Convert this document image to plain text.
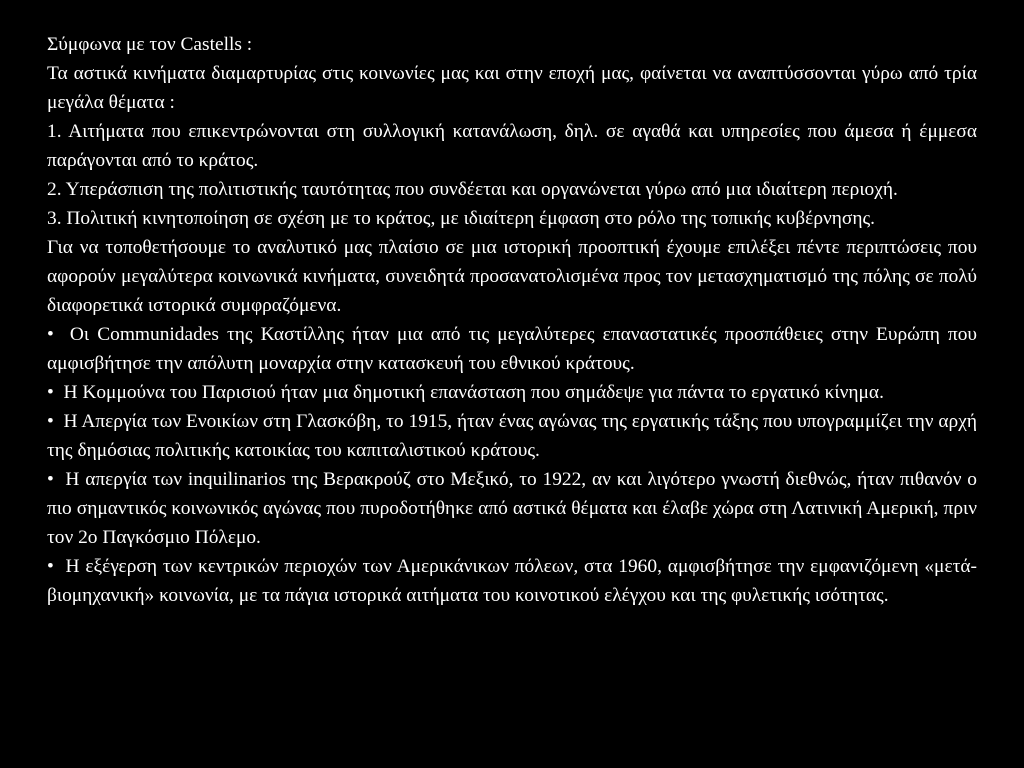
Σύμφωνα με τον Castells :

Τα αστικά κινήματα διαμαρτυρίας στις κοινωνίες μας και στην εποχή μας, φαίνεται να αναπτύσσονται γύρω από τρία μεγάλα θέματα :

1. Αιτήματα που επικεντρώνονται στη συλλογική κατανάλωση, δηλ. σε αγαθά και υπηρεσίες που άμεσα ή έμμεσα παράγονται από το κράτος.

2. Υπεράσπιση της πολιτιστικής ταυτότητας που συνδέεται και οργανώνεται γύρω από μια ιδιαίτερη περιοχή.

3. Πολιτική κινητοποίηση σε σχέση με το κράτος, με ιδιαίτερη έμφαση στο ρόλο της τοπικής κυβέρνησης.

Για να τοποθετήσουμε το αναλυτικό μας πλαίσιο σε μια ιστορική προοπτική έχουμε επιλέξει πέντε περιπτώσεις που αφορούν μεγαλύτερα κοινωνικά κινήματα, συνειδητά προσανατολισμένα προς τον μετασχηματισμό της πόλης σε πολύ διαφορετικά ιστορικά συμφραζόμενα.

• Οι Communidades της Καστίλλης ήταν μια από τις μεγαλύτερες επαναστατικές προσπάθειες στην Ευρώπη που αμφισβήτησε την απόλυτη μοναρχία στην κατασκευή του εθνικού κράτους.

• Η Κομμούνα του Παρισιού ήταν μια δημοτική επανάσταση που σημάδεψε για πάντα το εργατικό κίνημα.

• Η Απεργία των Ενοικίων στη Γλασκόβη, το 1915, ήταν ένας αγώνας της εργατικής τάξης που υπογραμμίζει την αρχή της δημόσιας πολιτικής κατοικίας του καπιταλιστικού κράτους.

• Η απεργία των inquilinarios της Βερακρούζ στο Μεξικό, το 1922, αν και λιγότερο γνωστή διεθνώς, ήταν πιθανόν ο πιο σημαντικός κοινωνικός αγώνας που πυροδοτήθηκε από αστικά θέματα και έλαβε χώρα στη Λατινική Αμερική, πριν τον 2ο Παγκόσμιο Πόλεμο.

• Η εξέγερση των κεντρικών περιοχών των Αμερικάνικων πόλεων, στα 1960, αμφισβήτησε την εμφανιζόμενη «μετά-βιομηχανική» κοινωνία, με τα πάγια ιστορικά αιτήματα του κοινοτικού ελέγχου και της φυλετικής ισότητας.
